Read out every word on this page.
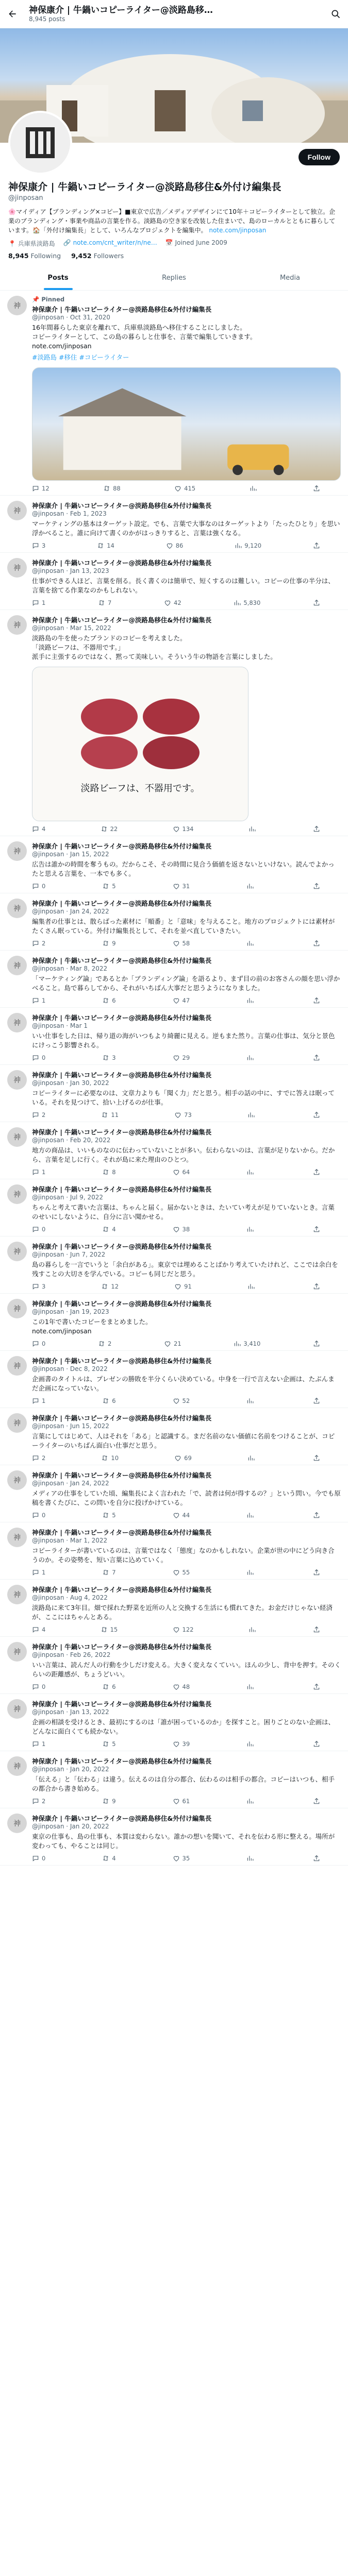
神保康介 | 牛鍋いコピーライター@淡路島移…
8,945 posts
Follow
神保康介 | 牛鍋いコピーライター@淡路島移住&外付け編集長
@jinposan
🌸マイディア【ブランディング×コピー】■東京で広告／メディアデザインにて10年＋コピーライターとして独立。企業のブランディング・事業や商品の言葉を作る。淡路島の空き家を改装した住まいで、島のローカルとともに暮らしています。🏠「外付け編集長」として、いろんなプロジェクトを編集中。 note.com/jinposan
📍 兵庫県淡路島 🔗 note.com/cnt_writer/n/ne… 📅 Joined June 2009
8,945 Following 9,452 Followers
Posts	Replies	Media
神
📌 Pinned
神保康介 | 牛鍋いコピーライター@淡路島移住&外付け編集長
@jinposan · Oct 31, 2020
16年間暮らした東京を離れて、兵庫県淡路島へ移住することにしました。
コピーライターとして、この島の暮らしと仕事を、言葉で編集していきます。
note.com/jinposan
#淡路島 #移住 #コピーライター
12	88	415
神
神保康介 | 牛鍋いコピーライター@淡路島移住&外付け編集長
@jinposan · Feb 1, 2023
マーケティングの基本はターゲット設定。でも、言葉で大事なのはターゲットより「たったひとり」を思い浮かべること。誰に向けて書くのかがはっきりすると、言葉は強くなる。
3	14	86	9,120
神
神保康介 | 牛鍋いコピーライター@淡路島移住&外付け編集長
@jinposan · Jan 13, 2023
仕事ができる人ほど、言葉を削る。長く書くのは簡単で、短くするのは難しい。コピーの仕事の半分は、言葉を捨てる作業なのかもしれない。
1	7	42	5,830
神
神保康介 | 牛鍋いコピーライター@淡路島移住&外付け編集長
@jinposan · Mar 15, 2022
淡路島の牛を使ったブランドのコピーを考えました。
「淡路ビーフは、不器用です。」
派手に主張するのではなく、黙って美味しい。そういう牛の物語を言葉にしました。
淡路ビーフは、不器用です。
4	22	134
神
神保康介 | 牛鍋いコピーライター@淡路島移住&外付け編集長
@jinposan · Jan 15, 2022
広告は誰かの時間を奪うもの。だからこそ、その時間に見合う価値を返さないといけない。読んでよかったと思える言葉を、一本でも多く。
0	5	31
神
神保康介 | 牛鍋いコピーライター@淡路島移住&外付け編集長
@jinposan · Jan 24, 2022
編集者の仕事とは、散らばった素材に「順番」と「意味」を与えること。地方のプロジェクトには素材がたくさん眠っている。外付け編集長として、それを並べ直していきたい。
2	9	58
神
神保康介 | 牛鍋いコピーライター@淡路島移住&外付け編集長
@jinposan · Mar 8, 2022
「マーケティング論」であるとか「ブランディング論」を語るより、まず目の前のお客さんの顔を思い浮かべること。島で暮らしてから、それがいちばん大事だと思うようになりました。
1	6	47
神
神保康介 | 牛鍋いコピーライター@淡路島移住&外付け編集長
@jinposan · Mar 1
いい仕事をした日は、帰り道の海がいつもより綺麗に見える。逆もまた然り。言葉の仕事は、気分と景色にけっこう影響される。
0	3	29
神
神保康介 | 牛鍋いコピーライター@淡路島移住&外付け編集長
@jinposan · Jan 30, 2022
コピーライターに必要なのは、文章力よりも「聞く力」だと思う。相手の話の中に、すでに答えは眠っている。それを見つけて、拾い上げるのが仕事。
2	11	73
神
神保康介 | 牛鍋いコピーライター@淡路島移住&外付け編集長
@jinposan · Feb 20, 2022
地方の商品は、いいものなのに伝わっていないことが多い。伝わらないのは、言葉が足りないから。だから、言葉を足しに行く。それが島に来た理由のひとつ。
1	8	64
神
神保康介 | 牛鍋いコピーライター@淡路島移住&外付け編集長
@jinposan · Jul 9, 2022
ちゃんと考えて書いた言葉は、ちゃんと届く。届かないときは、たいてい考えが足りていないとき。言葉のせいにしないように、自分に言い聞かせる。
0	4	38
神
神保康介 | 牛鍋いコピーライター@淡路島移住&外付け編集長
@jinposan · Jun 7, 2022
島の暮らしを一言でいうと「余白がある」。東京では埋めることばかり考えていたけれど、ここでは余白を残すことの大切さを学んでいる。コピーも同じだと思う。
3	12	91
神
神保康介 | 牛鍋いコピーライター@淡路島移住&外付け編集長
@jinposan · Jan 19, 2023
この1年で書いたコピーをまとめました。
note.com/jinposan
0	2	21	3,410
神
神保康介 | 牛鍋いコピーライター@淡路島移住&外付け編集長
@jinposan · Dec 8, 2022
企画書のタイトルは、プレゼンの勝敗を半分くらい決めている。中身を一行で言えない企画は、たぶんまだ企画になっていない。
1	6	52
神
神保康介 | 牛鍋いコピーライター@淡路島移住&外付け編集長
@jinposan · Jun 15, 2022
言葉にしてはじめて、人はそれを「ある」と認識する。まだ名前のない価値に名前をつけることが、コピーライターのいちばん面白い仕事だと思う。
2	10	69
神
神保康介 | 牛鍋いコピーライター@淡路島移住&外付け編集長
@jinposan · Jan 24, 2022
メディアの仕事をしていた頃、編集長によく言われた「で、読者は何が得するの？」という問い。今でも原稿を書くたびに、この問いを自分に投げかけている。
0	5	44
神
神保康介 | 牛鍋いコピーライター@淡路島移住&外付け編集長
@jinposan · Mar 1, 2022
コピーライターが書いているのは、言葉ではなく「態度」なのかもしれない。企業が世の中にどう向き合うのか。その姿勢を、短い言葉に込めていく。
1	7	55
神
神保康介 | 牛鍋いコピーライター@淡路島移住&外付け編集長
@jinposan · Aug 4, 2022
淡路島に来て3年目。畑で採れた野菜を近所の人と交換する生活にも慣れてきた。お金だけじゃない経済が、ここにはちゃんとある。
4	15	122
神
神保康介 | 牛鍋いコピーライター@淡路島移住&外付け編集長
@jinposan · Feb 26, 2022
いい言葉は、読んだ人の行動を少しだけ変える。大きく変えなくていい。ほんの少し、背中を押す。そのくらいの距離感が、ちょうどいい。
0	6	48
神
神保康介 | 牛鍋いコピーライター@淡路島移住&外付け編集長
@jinposan · Jan 13, 2022
企画の相談を受けるとき、最初にするのは「誰が困っているのか」を探すこと。困りごとのない企画は、どんなに面白くても続かない。
1	5	39
神
神保康介 | 牛鍋いコピーライター@淡路島移住&外付け編集長
@jinposan · Jan 20, 2022
「伝える」と「伝わる」は違う。伝えるのは自分の都合、伝わるのは相手の都合。コピーはいつも、相手の都合から書き始める。
2	9	61
神
神保康介 | 牛鍋いコピーライター@淡路島移住&外付け編集長
@jinposan · Jan 20, 2022
東京の仕事も、島の仕事も、本質は変わらない。誰かの想いを聞いて、それを伝わる形に整える。場所が変わっても、やることは同じ。
0	4	35
